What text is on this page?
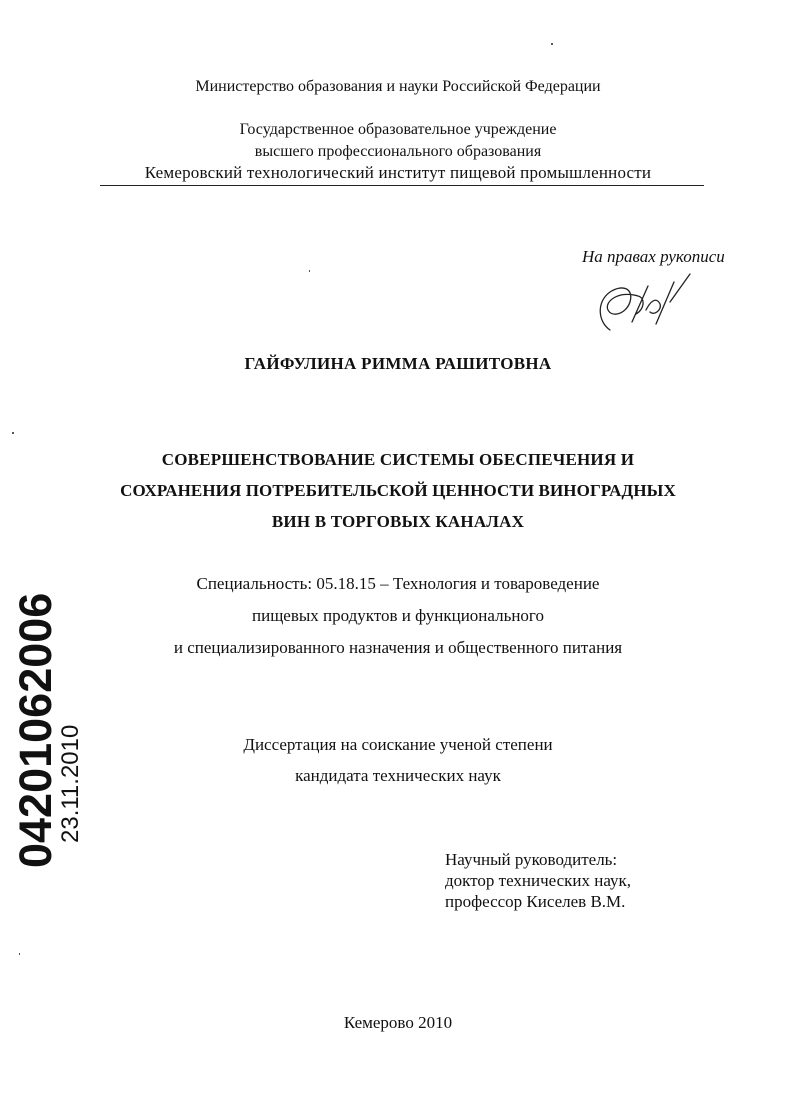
Министерство образования и науки Российской Федерации
Государственное образовательное учреждение
высшего профессионального образования
Кемеровский технологический институт пищевой промышленности
На правах рукописи
ГАЙФУЛИНА РИММА РАШИТОВНА
СОВЕРШЕНСТВОВАНИЕ СИСТЕМЫ ОБЕСПЕЧЕНИЯ И
СОХРАНЕНИЯ ПОТРЕБИТЕЛЬСКОЙ ЦЕННОСТИ ВИНОГРАДНЫХ
ВИН В ТОРГОВЫХ КАНАЛАХ
Специальность: 05.18.15 – Технология и товароведение
пищевых продуктов и функционального
и специализированного назначения и общественного питания
Диссертация на соискание ученой степени
кандидата технических наук
Научный руководитель:
доктор технических наук,
профессор Киселев В.М.
Кемерово 2010
04201062006
23.11.2010
